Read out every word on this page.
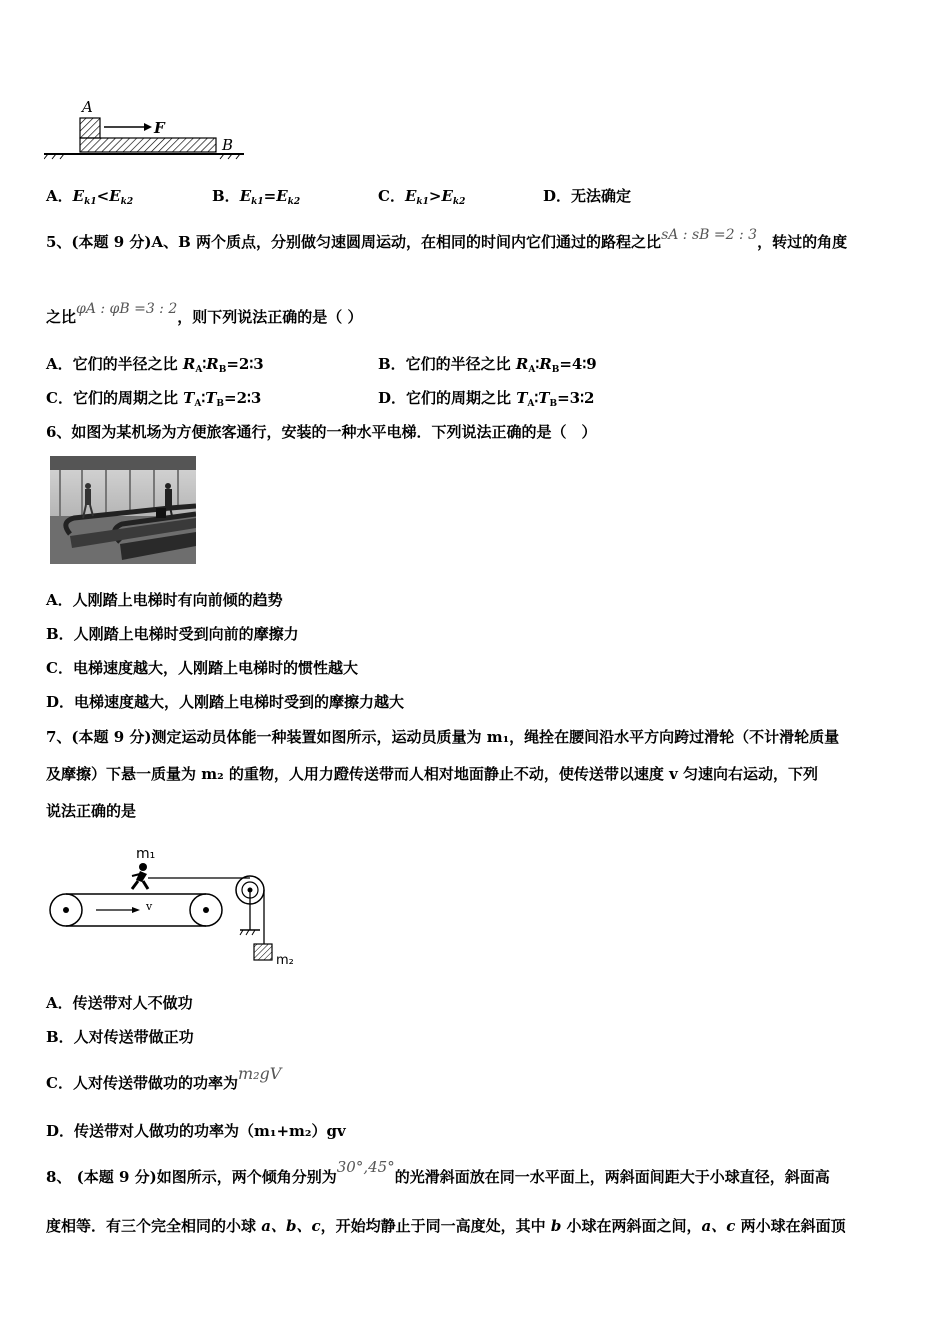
A
F
B
A．$E_{k1}<E_{k2}$	B．$E_{k1}=E_{k2}$	C．$E_{k1}>E_{k2}$	D．无法确定
5、(本题 9 分)A、B 两个质点，分别做匀速圆周运动，在相同的时间内它们通过的路程之比sA : sB =2 : 3，转过的角度
之比φA : φB =3 : 2，则下列说法正确的是（ ）
A．它们的半径之比 $R_A∶R_B=2∶3$	B．它们的半径之比 $R_A∶R_B=4∶9$
C．它们的周期之比 $T_A∶T_B=2∶3$	D．它们的周期之比 $T_A∶T_B=3∶2$
6、如图为某机场为方便旅客通行，安装的一种水平电梯．下列说法正确的是（　）
A．人刚踏上电梯时有向前倾的趋势
B．人刚踏上电梯时受到向前的摩擦力
C．电梯速度越大，人刚踏上电梯时的惯性越大
D．电梯速度越大，人刚踏上电梯时受到的摩擦力越大
7、(本题 9 分)测定运动员体能一种装置如图所示，运动员质量为 m₁，绳拴在腰间沿水平方向跨过滑轮（不计滑轮质量
及摩擦）下悬一质量为 m₂ 的重物，人用力蹬传送带而人相对地面静止不动，使传送带以速度 v 匀速向右运动，下列
说法正确的是
m₁
v
m₂
A．传送带对人不做功
B．人对传送带做正功
C．人对传送带做功的功率为m₂gV
D．传送带对人做功的功率为（m₁+m₂）gv
8、 (本题 9 分)如图所示，两个倾角分别为30°,45°的光滑斜面放在同一水平面上，两斜面间距大于小球直径，斜面高
度相等．有三个完全相同的小球 a、b、c，开始均静止于同一高度处，其中 b 小球在两斜面之间，a、c 两小球在斜面顶
